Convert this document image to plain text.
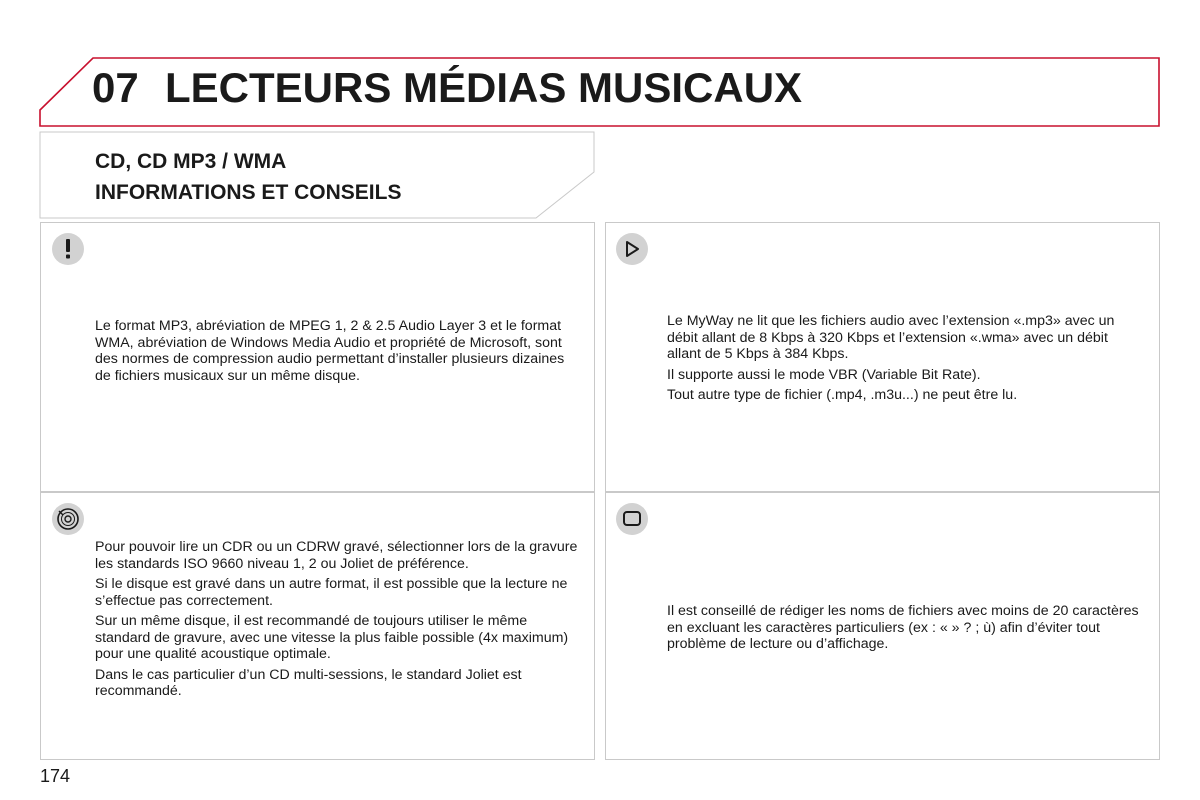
07 LECTEURS MÉDIAS MUSICAUX
CD, CD MP3 / WMA
INFORMATIONS ET CONSEILS
Le format MP3, abréviation de MPEG 1, 2 & 2.5 Audio Layer 3 et le format WMA, abréviation de Windows Media Audio et propriété de Microsoft, sont des normes de compression audio permettant d’installer plusieurs dizaines de fichiers musicaux sur un même disque.

Le MyWay ne lit que les fichiers audio avec l’extension «.mp3» avec un débit allant de 8 Kbps à 320 Kbps et l’extension «.wma» avec un débit allant de 5 Kbps à 384 Kbps.

Il supporte aussi le mode VBR (Variable Bit Rate).

Tout autre type de fichier (.mp4, .m3u...) ne peut être lu.

Pour pouvoir lire un CDR ou un CDRW gravé, sélectionner lors de la gravure les standards ISO 9660 niveau 1, 2 ou Joliet de préférence.

Si le disque est gravé dans un autre format, il est possible que la lecture ne s’effectue pas correctement.

Sur un même disque, il est recommandé de toujours utiliser le même standard de gravure, avec une vitesse la plus faible possible (4x maximum) pour une qualité acoustique optimale.

Dans le cas particulier d’un CD multi-sessions, le standard Joliet est recommandé.

Il est conseillé de rédiger les noms de fichiers avec moins de 20 caractères en excluant les caractères particuliers (ex : « » ? ; ù) afin d’éviter tout problème de lecture ou d’affichage.
174
